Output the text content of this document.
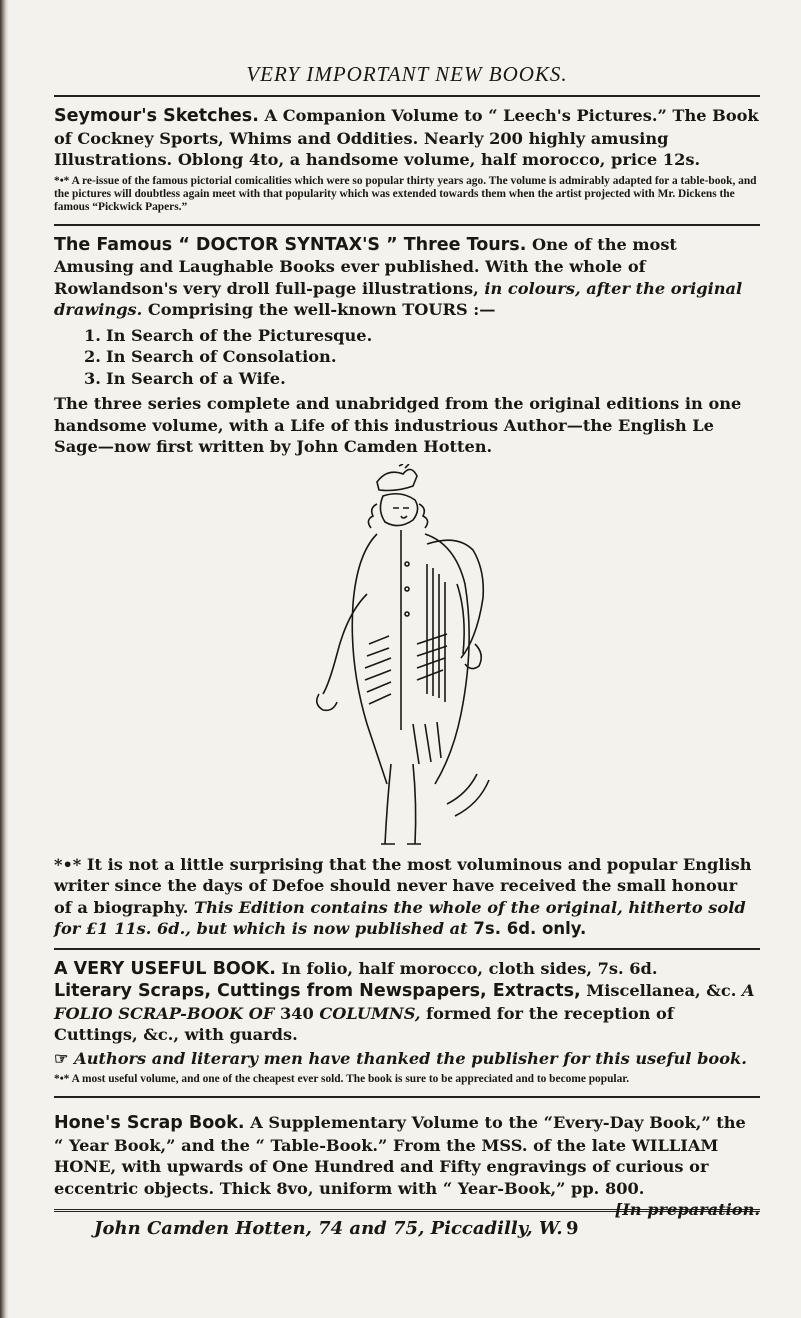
VERY IMPORTANT NEW BOOKS.

Seymour's Sketches. A Companion Volume to “ Leech's Pictures.” The Book of Cockney Sports, Whims and Oddities. Nearly 200 highly amusing Illustrations. Oblong 4to, a handsome volume, half morocco, price 12s.

*•* A re-issue of the famous pictorial comicalities which were so popular thirty years ago. The volume is admirably adapted for a table-book, and the pictures will doubtless again meet with that popularity which was extended towards them when the artist projected with Mr. Dickens the famous “Pickwick Papers.”

The Famous “ DOCTOR SYNTAX'S ” Three Tours. One of the most Amusing and Laughable Books ever published. With the whole of Rowlandson's very droll full-page illustrations, in colours, after the original drawings. Comprising the well-known TOURS :—

1. In Search of the Picturesque.
2. In Search of Consolation.
3. In Search of a Wife.

The three series complete and unabridged from the original editions in one handsome volume, with a Life of this industrious Author—the English Le Sage—now first written by John Camden Hotten.

*•* It is not a little surprising that the most voluminous and popular English writer since the days of Defoe should never have received the small honour of a biography. This Edition contains the whole of the original, hitherto sold for £1 11s. 6d., but which is now published at 7s. 6d. only.

A VERY USEFUL BOOK. In folio, half morocco, cloth sides, 7s. 6d.

Literary Scraps, Cuttings from Newspapers, Extracts, Miscellanea, &c. A FOLIO SCRAP-BOOK OF 340 COLUMNS, formed for the reception of Cuttings, &c., with guards.

☞ Authors and literary men have thanked the publisher for this useful book.

*•* A most useful volume, and one of the cheapest ever sold. The book is sure to be appreciated and to become popular.

Hone's Scrap Book. A Supplementary Volume to the “Every-Day Book,” the “ Year Book,” and the “ Table-Book.” From the MSS. of the late WILLIAM HONE, with upwards of One Hundred and Fifty engravings of curious or eccentric objects. Thick 8vo, uniform with “ Year-Book,” pp. 800.
[In preparation.

John Camden Hotten, 74 and 75, Piccadilly, W. 9
